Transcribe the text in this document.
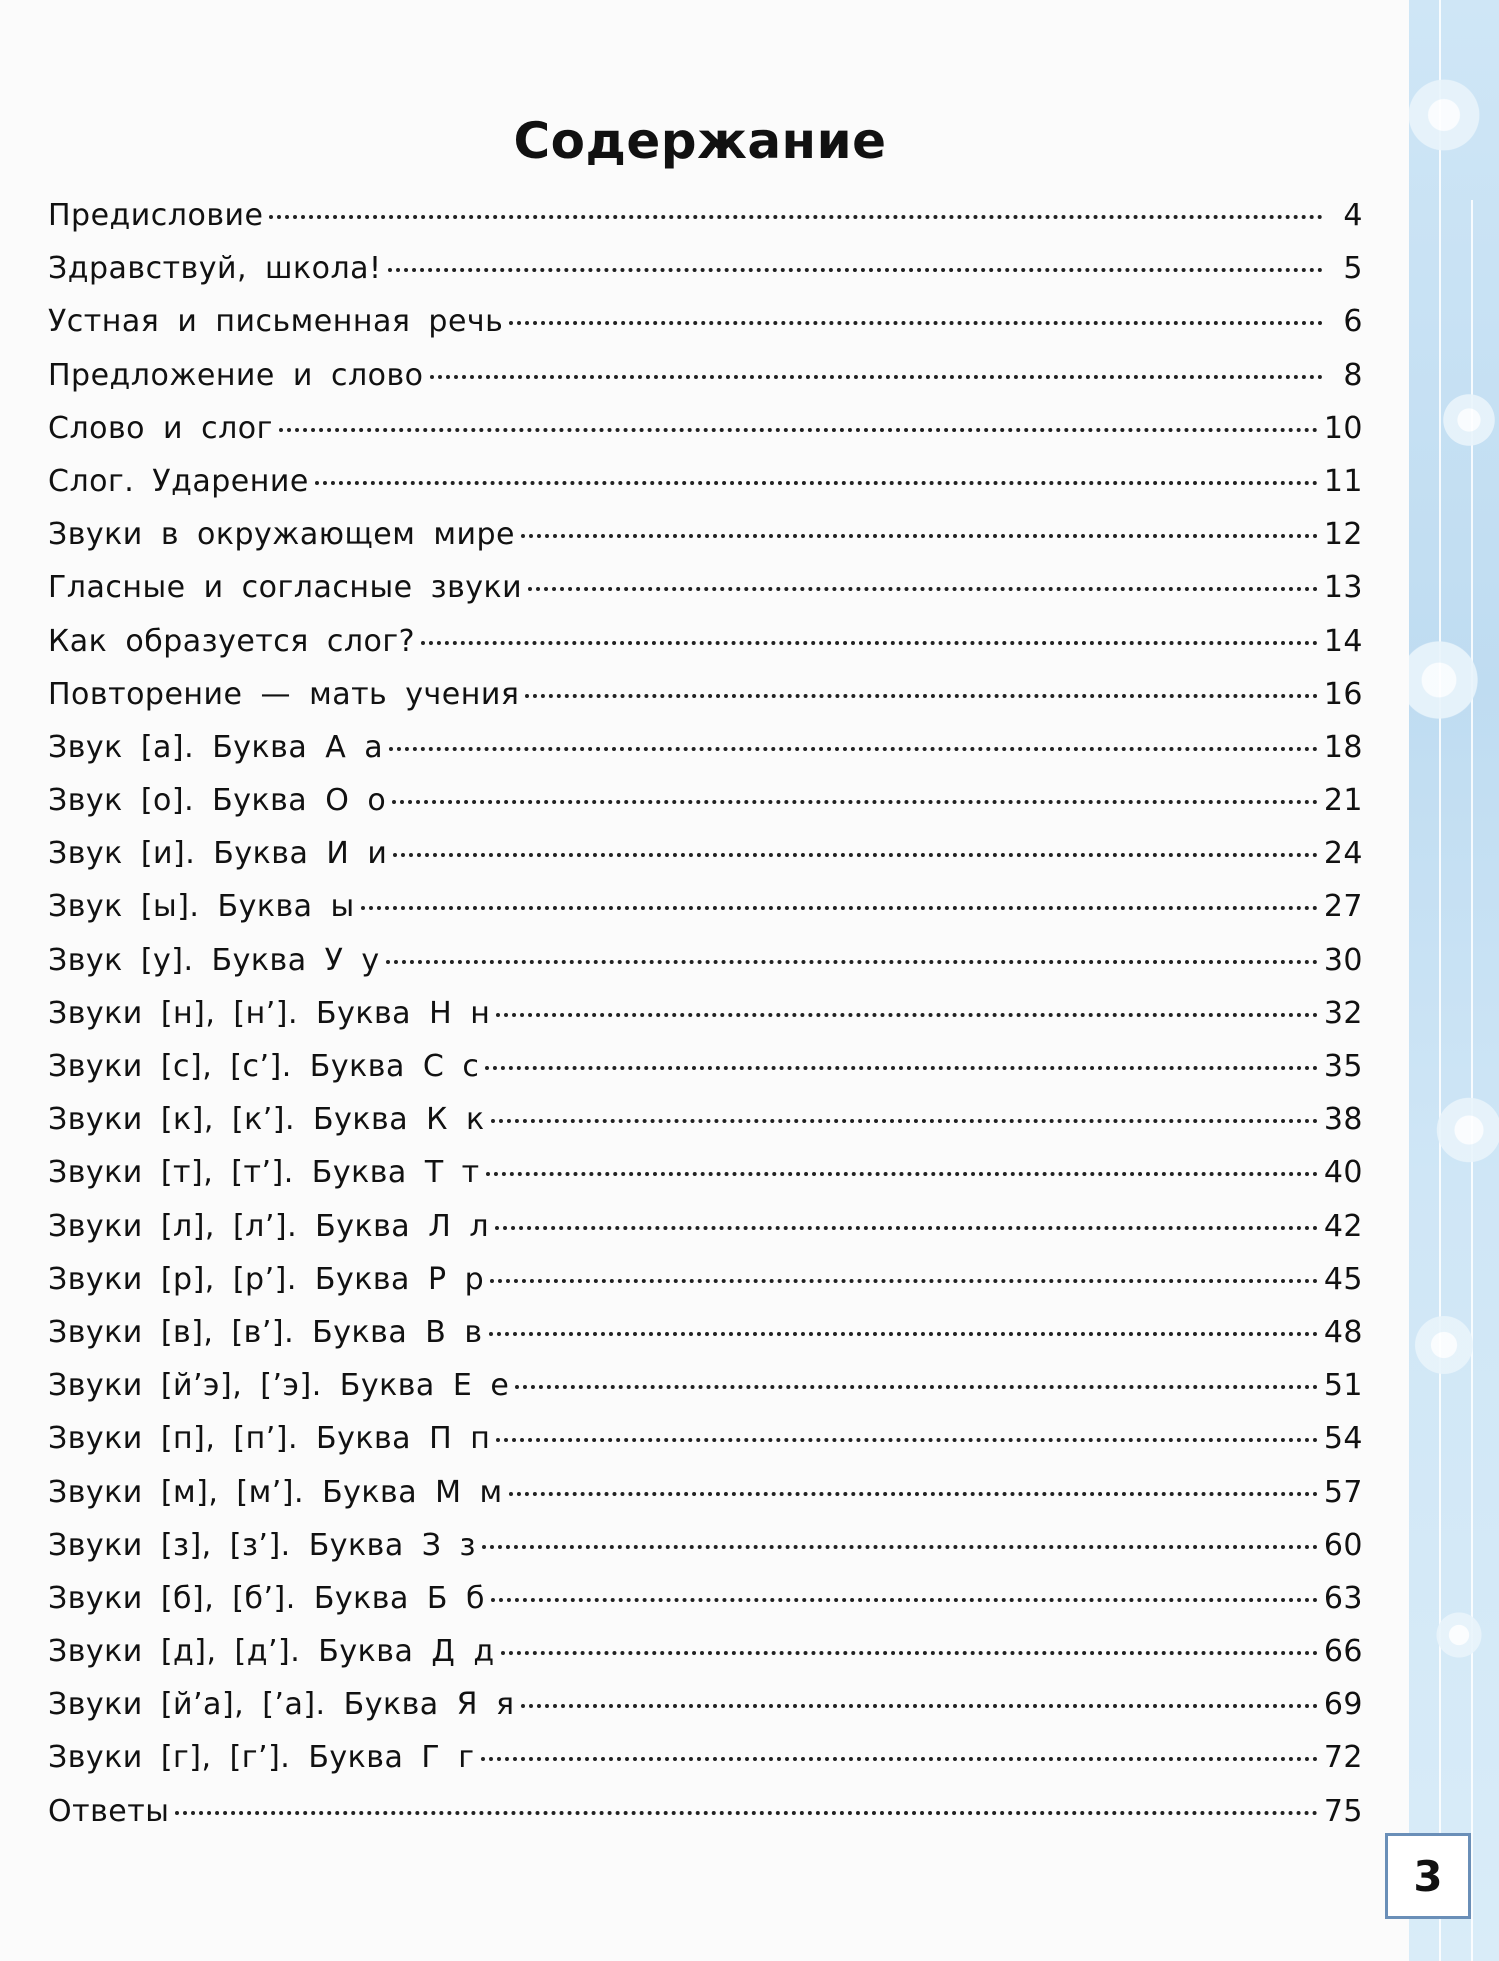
Содержание
Предисловие	4
Здравствуй, школа!	5
Устная и письменная речь	6
Предложение и слово	8
Слово и слог	10
Слог. Ударение	11
Звуки в окружающем мире	12
Гласные и согласные звуки	13
Как образуется слог?	14
Повторение — мать учения	16
Звук [а]. Буква А а	18
Звук [о]. Буква О о	21
Звук [и]. Буква И и	24
Звук [ы]. Буква ы	27
Звук [у]. Буква У у	30
Звуки [н], [н’]. Буква Н н	32
Звуки [с], [с’]. Буква С с	35
Звуки [к], [к’]. Буква К к	38
Звуки [т], [т’]. Буква Т т	40
Звуки [л], [л’]. Буква Л л	42
Звуки [р], [р’]. Буква Р р	45
Звуки [в], [в’]. Буква В в	48
Звуки [й’э], [’э]. Буква Е е	51
Звуки [п], [п’]. Буква П п	54
Звуки [м], [м’]. Буква М м	57
Звуки [з], [з’]. Буква З з	60
Звуки [б], [б’]. Буква Б б	63
Звуки [д], [д’]. Буква Д д	66
Звуки [й’а], [’а]. Буква Я я	69
Звуки [г], [г’]. Буква Г г	72
Ответы	75
3
